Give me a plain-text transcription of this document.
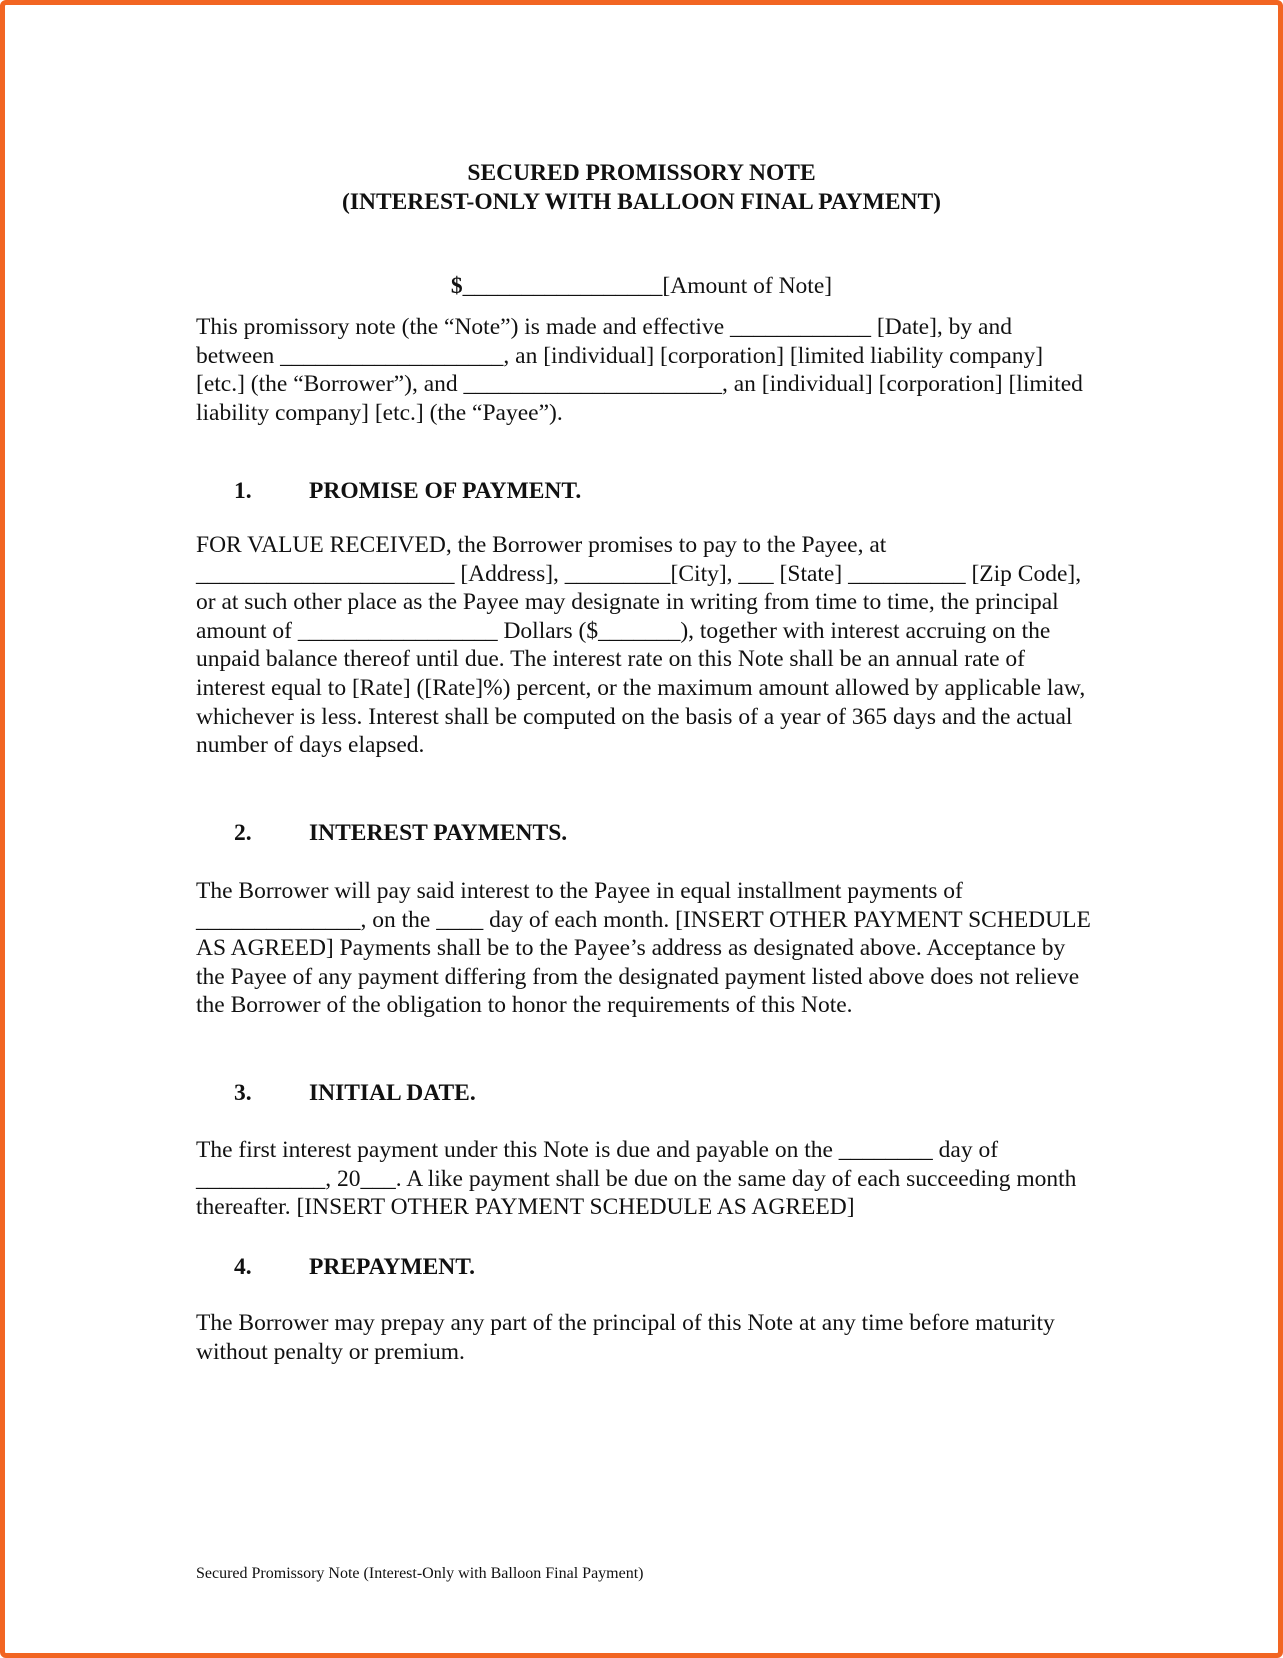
SECURED PROMISSORY NOTE
(INTEREST-ONLY WITH BALLOON FINAL PAYMENT)
$_________________[Amount of Note]

This promissory note (the “Note”) is made and effective ____________ [Date], by and between ___________________, an [individual] [corporation] [limited liability company] [etc.] (the “Borrower”), and ______________________, an [individual] [corporation] [limited liability company] [etc.] (the “Payee”).

1. PROMISE OF PAYMENT.

FOR VALUE RECEIVED, the Borrower promises to pay to the Payee, at ______________________ [Address], _________[City], ___ [State] __________ [Zip Code], or at such other place as the Payee may designate in writing from time to time, the principal amount of _________________ Dollars ($_______), together with interest accruing on the unpaid balance thereof until due. The interest rate on this Note shall be an annual rate of interest equal to [Rate] ([Rate]%) percent, or the maximum amount allowed by applicable law, whichever is less. Interest shall be computed on the basis of a year of 365 days and the actual number of days elapsed.

2. INTEREST PAYMENTS.

The Borrower will pay said interest to the Payee in equal installment payments of ______________, on the ____ day of each month. [INSERT OTHER PAYMENT SCHEDULE AS AGREED] Payments shall be to the Payee’s address as designated above. Acceptance by the Payee of any payment differing from the designated payment listed above does not relieve the Borrower of the obligation to honor the requirements of this Note.

3. INITIAL DATE.

The first interest payment under this Note is due and payable on the ________ day of ___________, 20___. A like payment shall be due on the same day of each succeeding month thereafter. [INSERT OTHER PAYMENT SCHEDULE AS AGREED]

4. PREPAYMENT.

The Borrower may prepay any part of the principal of this Note at any time before maturity without penalty or premium.

Secured Promissory Note (Interest-Only with Balloon Final Payment)
